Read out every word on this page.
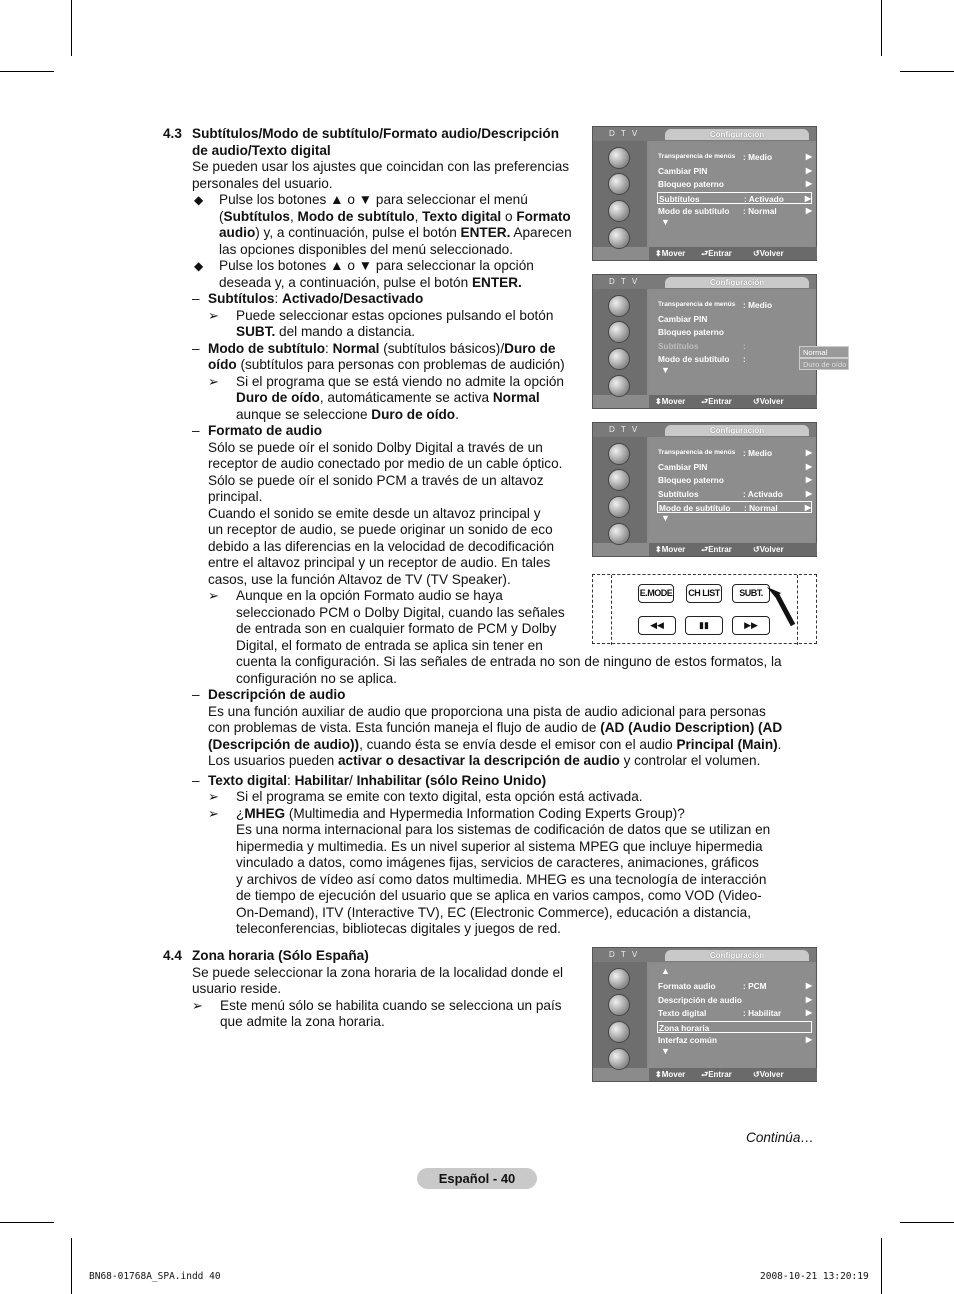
4.3 Subtítulos/Modo de subtítulo/Formato audio/Descripción
de audio/Texto digital
Se pueden usar los ajustes que coincidan con las preferencias
personales del usuario.
◆ Pulse los botones ▲ o ▼ para seleccionar el menú
(Subtítulos, Modo de subtítulo, Texto digital o Formato
audio) y, a continuación, pulse el botón ENTER. Aparecen
las opciones disponibles del menú seleccionado.
◆ Pulse los botones ▲ o ▼ para seleccionar la opción
deseada y, a continuación, pulse el botón ENTER.
– Subtítulos: Activado/Desactivado
➢ Puede seleccionar estas opciones pulsando el botón
SUBT. del mando a distancia.
– Modo de subtítulo: Normal (subtítulos básicos)/Duro de
oído (subtítulos para personas con problemas de audición)
➢ Si el programa que se está viendo no admite la opción
Duro de oído, automáticamente se activa Normal
aunque se seleccione Duro de oído.
– Formato de audio
Sólo se puede oír el sonido Dolby Digital a través de un
receptor de audio conectado por medio de un cable óptico.
Sólo se puede oír el sonido PCM a través de un altavoz
principal.
Cuando el sonido se emite desde un altavoz principal y
un receptor de audio, se puede originar un sonido de eco
debido a las diferencias en la velocidad de decodificación
entre el altavoz principal y un receptor de audio. En tales
casos, use la función Altavoz de TV (TV Speaker).
➢ Aunque en la opción Formato audio se haya
seleccionado PCM o Dolby Digital, cuando las señales
de entrada son en cualquier formato de PCM y Dolby
Digital, el formato de entrada se aplica sin tener en
cuenta la configuración. Si las señales de entrada no son de ninguno de estos formatos, la
configuración no se aplica.
– Descripción de audio
Es una función auxiliar de audio que proporciona una pista de audio adicional para personas
con problemas de vista. Esta función maneja el flujo de audio de (AD (Audio Description) (AD
(Descripción de audio)), cuando ésta se envía desde el emisor con el audio Principal (Main).
Los usuarios pueden activar o desactivar la descripción de audio y controlar el volumen.
– Texto digital: Habilitar/ Inhabilitar (sólo Reino Unido)
➢ Si el programa se emite con texto digital, esta opción está activada.
➢ ¿MHEG (Multimedia and Hypermedia Information Coding Experts Group)?
Es una norma internacional para los sistemas de codificación de datos que se utilizan en
hipermedia y multimedia. Es un nivel superior al sistema MPEG que incluye hipermedia
vinculado a datos, como imágenes fijas, servicios de caracteres, animaciones, gráficos
y archivos de vídeo así como datos multimedia. MHEG es una tecnología de interacción
de tiempo de ejecución del usuario que se aplica en varios campos, como VOD (Video-
On-Demand), ITV (Interactive TV), EC (Electronic Commerce), educación a distancia,
teleconferencias, bibliotecas digitales y juegos de red.
4.4 Zona horaria (Sólo España)
Se puede seleccionar la zona horaria de la localidad donde el
usuario reside.
➢ Este menú sólo se habilita cuando se selecciona un país
que admite la zona horaria.
D T V	Configuración
Transparencia de menús : Medio	▶
Cambiar PIN	▶
Bloqueo paterno	▶
Subtítulos	: Activado	▶
Modo de subtítulo : Normal	▶
▼
⬍ Mover ⮐ Entrar	↺ Volver
D T V	Configuración
Transparencia de menús : Medio
Cambiar PIN
Bloqueo paterno
Subtítulos	:
Modo de subtítulo :
▼
Normal
Duro de oído
⬍ Mover ⮐ Entrar	↺ Volver
D T V	Configuración
Transparencia de menús : Medio	▶
Cambiar PIN	▶
Bloqueo paterno	▶
Subtítulos	: Activado	▶
Modo de subtítulo : Normal	▶
▼
⬍ Mover ⮐ Entrar	↺ Volver
D T V	Configuración
▲
Formato audio	: PCM	▶
Descripción de audio	▶
Texto digital	: Habilitar	▶
Zona horaria
Interfaz común	▶
▼
⬍ Mover ⮐ Entrar	↺ Volver
E.MODE CH LIST	SUBT.
◀◀	▮▮	▶▶
Continúa…
Español - 40
BN68-01768A_SPA.indd 40	2008-10-21 13:20:19
